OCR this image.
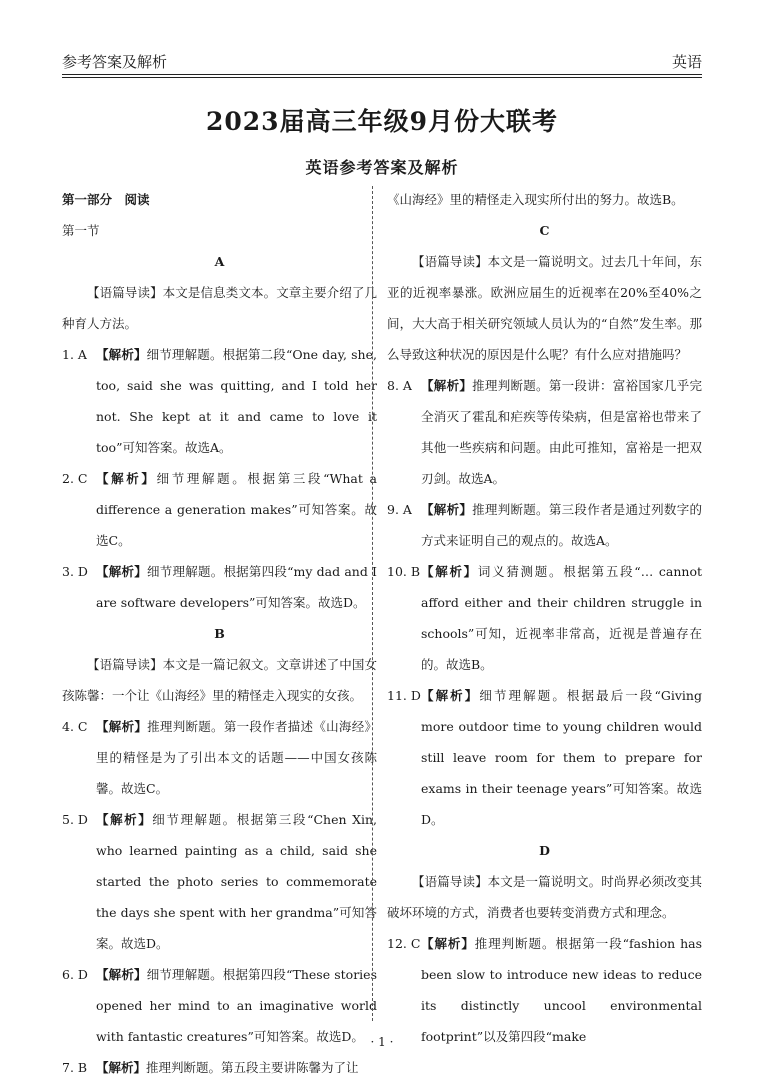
参考答案及解析	英语
2023届高三年级9月份大联考
英语参考答案及解析

第一部分　阅读

第一节

A

【语篇导读】本文是信息类文本。文章主要介绍了几种育人方法。

1. A 【解析】细节理解题。根据第二段“One day, she, too, said she was quitting, and I told her not. She kept at it and came to love it too”可知答案。故选A。
2. C 【解析】细节理解题。根据第三段“What a difference a generation makes”可知答案。故选C。
3. D 【解析】细节理解题。根据第四段“my dad and I are software developers”可知答案。故选D。

B

【语篇导读】本文是一篇记叙文。文章讲述了中国女孩陈馨：一个让《山海经》里的精怪走入现实的女孩。

4. C 【解析】推理判断题。第一段作者描述《山海经》里的精怪是为了引出本文的话题——中国女孩陈馨。故选C。
5. D 【解析】细节理解题。根据第三段“Chen Xin, who learned painting as a child, said she started the photo series to commemorate the days she spent with her grandma”可知答案。故选D。
6. D 【解析】细节理解题。根据第四段“These stories opened her mind to an imaginative world with fantastic creatures”可知答案。故选D。
7. B 【解析】推理判断题。第五段主要讲陈馨为了让

《山海经》里的精怪走入现实所付出的努力。故选B。

C

【语篇导读】本文是一篇说明文。过去几十年间，东亚的近视率暴涨。欧洲应届生的近视率在20%至40%之间，大大高于相关研究领域人员认为的“自然”发生率。那么导致这种状况的原因是什么呢？有什么应对措施吗？

8. A 【解析】推理判断题。第一段讲：富裕国家几乎完全消灭了霍乱和疟疾等传染病，但是富裕也带来了其他一些疾病和问题。由此可推知，富裕是一把双刃剑。故选A。
9. A 【解析】推理判断题。第三段作者是通过列数字的方式来证明自己的观点的。故选A。
10. B 【解析】词义猜测题。根据第五段“… cannot afford either and their children struggle in schools”可知，近视率非常高，近视是普遍存在的。故选B。
11. D 【解析】细节理解题。根据最后一段“Giving more outdoor time to young children would still leave room for them to prepare for exams in their teenage years”可知答案。故选D。

D

【语篇导读】本文是一篇说明文。时尚界必须改变其破坏环境的方式，消费者也要转变消费方式和理念。

12. C 【解析】推理判断题。根据第一段“fashion has been slow to introduce new ideas to reduce its distinctly uncool environmental footprint”以及第四段“make
· 1 ·
